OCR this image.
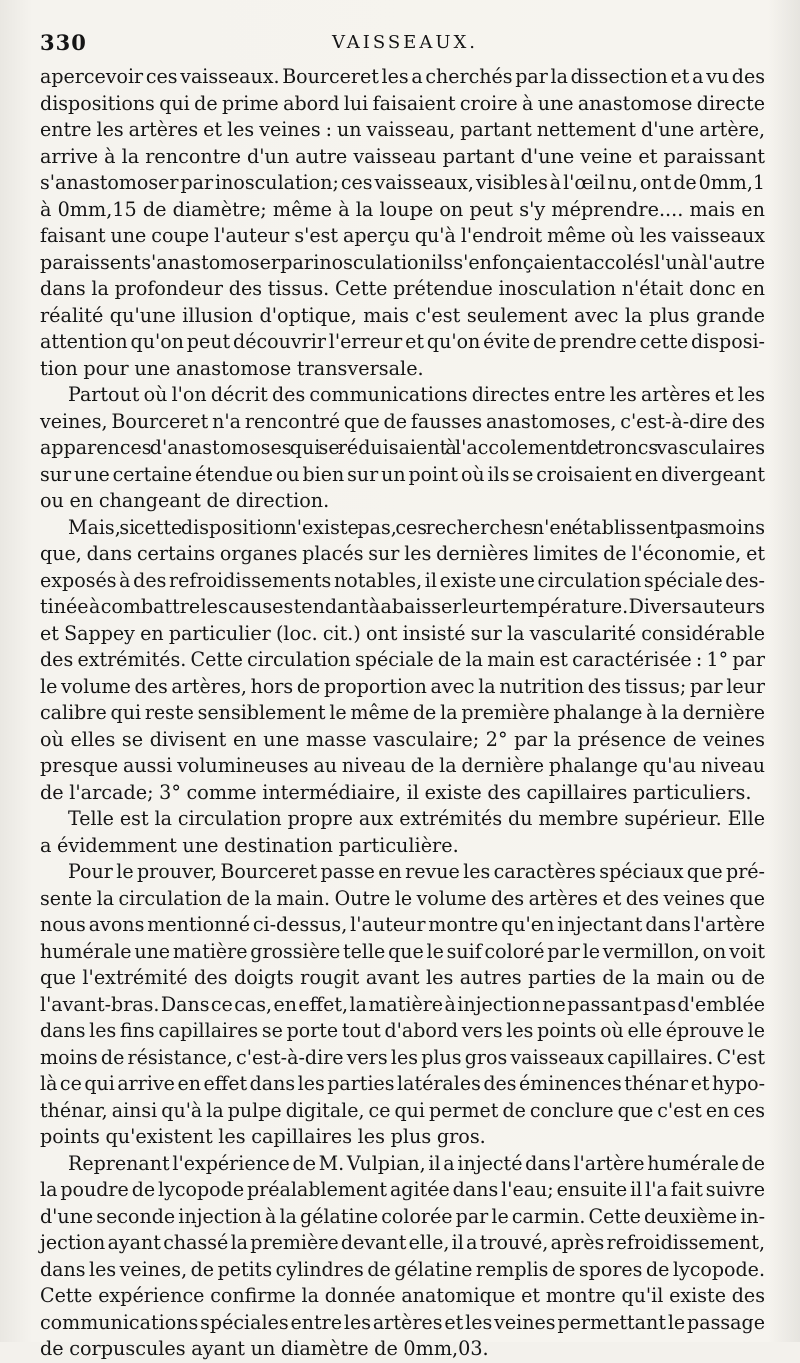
330	VAISSEAUX.
apercevoir ces vaisseaux. Bourceret les a cherchés par la dissection et a vu des
dispositions qui de prime abord lui faisaient croire à une anastomose directe
entre les artères et les veines : un vaisseau, partant nettement d'une artère,
arrive à la rencontre d'un autre vaisseau partant d'une veine et paraissant
s'anastomoser par inosculation; ces vaisseaux, visibles à l'œil nu, ont de 0mm,1
à 0mm,15 de diamètre; même à la loupe on peut s'y méprendre.... mais en
faisant une coupe l'auteur s'est aperçu qu'à l'endroit même où les vaisseaux
paraissent s'anastomoser par inosculation ils s'enfonçaient accolés l'un à l'autre
dans la profondeur des tissus. Cette prétendue inosculation n'était donc en
réalité qu'une illusion d'optique, mais c'est seulement avec la plus grande
attention qu'on peut découvrir l'erreur et qu'on évite de prendre cette disposi-
tion pour une anastomose transversale.
Partout où l'on décrit des communications directes entre les artères et les
veines, Bourceret n'a rencontré que de fausses anastomoses, c'est-à-dire des
apparences d'anastomoses qui se réduisaient à l'accolement de troncs vasculaires
sur une certaine étendue ou bien sur un point où ils se croisaient en divergeant
ou en changeant de direction.
Mais, si cette disposition n'existe pas, ces recherches n'en établissent pas moins
que, dans certains organes placés sur les dernières limites de l'économie, et
exposés à des refroidissements notables, il existe une circulation spéciale des-
tinée à combattre les causes tendant à abaisser leur température. Divers auteurs
et Sappey en particulier (loc. cit.) ont insisté sur la vascularité considérable
des extrémités. Cette circulation spéciale de la main est caractérisée : 1° par
le volume des artères, hors de proportion avec la nutrition des tissus; par leur
calibre qui reste sensiblement le même de la première phalange à la dernière
où elles se divisent en une masse vasculaire; 2° par la présence de veines
presque aussi volumineuses au niveau de la dernière phalange qu'au niveau
de l'arcade; 3° comme intermédiaire, il existe des capillaires particuliers.
Telle est la circulation propre aux extrémités du membre supérieur. Elle
a évidemment une destination particulière.
Pour le prouver, Bourceret passe en revue les caractères spéciaux que pré-
sente la circulation de la main. Outre le volume des artères et des veines que
nous avons mentionné ci-dessus, l'auteur montre qu'en injectant dans l'artère
humérale une matière grossière telle que le suif coloré par le vermillon, on voit
que l'extrémité des doigts rougit avant les autres parties de la main ou de
l'avant-bras. Dans ce cas, en effet, la matière à injection ne passant pas d'emblée
dans les fins capillaires se porte tout d'abord vers les points où elle éprouve le
moins de résistance, c'est-à-dire vers les plus gros vaisseaux capillaires. C'est
là ce qui arrive en effet dans les parties latérales des éminences thénar et hypo-
thénar, ainsi qu'à la pulpe digitale, ce qui permet de conclure que c'est en ces
points qu'existent les capillaires les plus gros.
Reprenant l'expérience de M. Vulpian, il a injecté dans l'artère humérale de
la poudre de lycopode préalablement agitée dans l'eau; ensuite il l'a fait suivre
d'une seconde injection à la gélatine colorée par le carmin. Cette deuxième in-
jection ayant chassé la première devant elle, il a trouvé, après refroidissement,
dans les veines, de petits cylindres de gélatine remplis de spores de lycopode.
Cette expérience confirme la donnée anatomique et montre qu'il existe des
communications spéciales entre les artères et les veines permettant le passage
de corpuscules ayant un diamètre de 0mm,03.
